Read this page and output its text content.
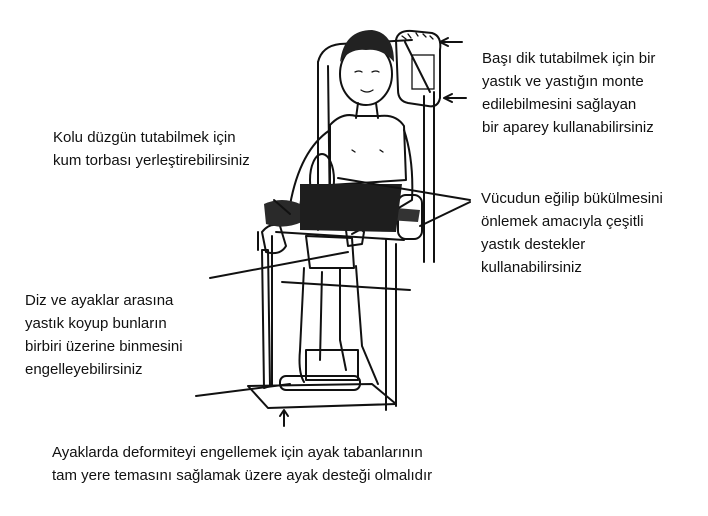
Başı dik tutabilmek için bir
yastık ve yastığın monte
edilebilmesini sağlayan
bir aparey kullanabilirsiniz
Kolu düzgün tutabilmek için
kum torbası yerleştirebilirsiniz
Vücudun eğilip bükülmesini
önlemek amacıyla çeşitli
yastık destekler
kullanabilirsiniz
Diz ve ayaklar arasına
yastık koyup bunların
birbiri üzerine binmesini
engelleyebilirsiniz
Ayaklarda deformiteyi engellemek için ayak tabanlarının
tam yere temasını sağlamak üzere ayak desteği olmalıdır
